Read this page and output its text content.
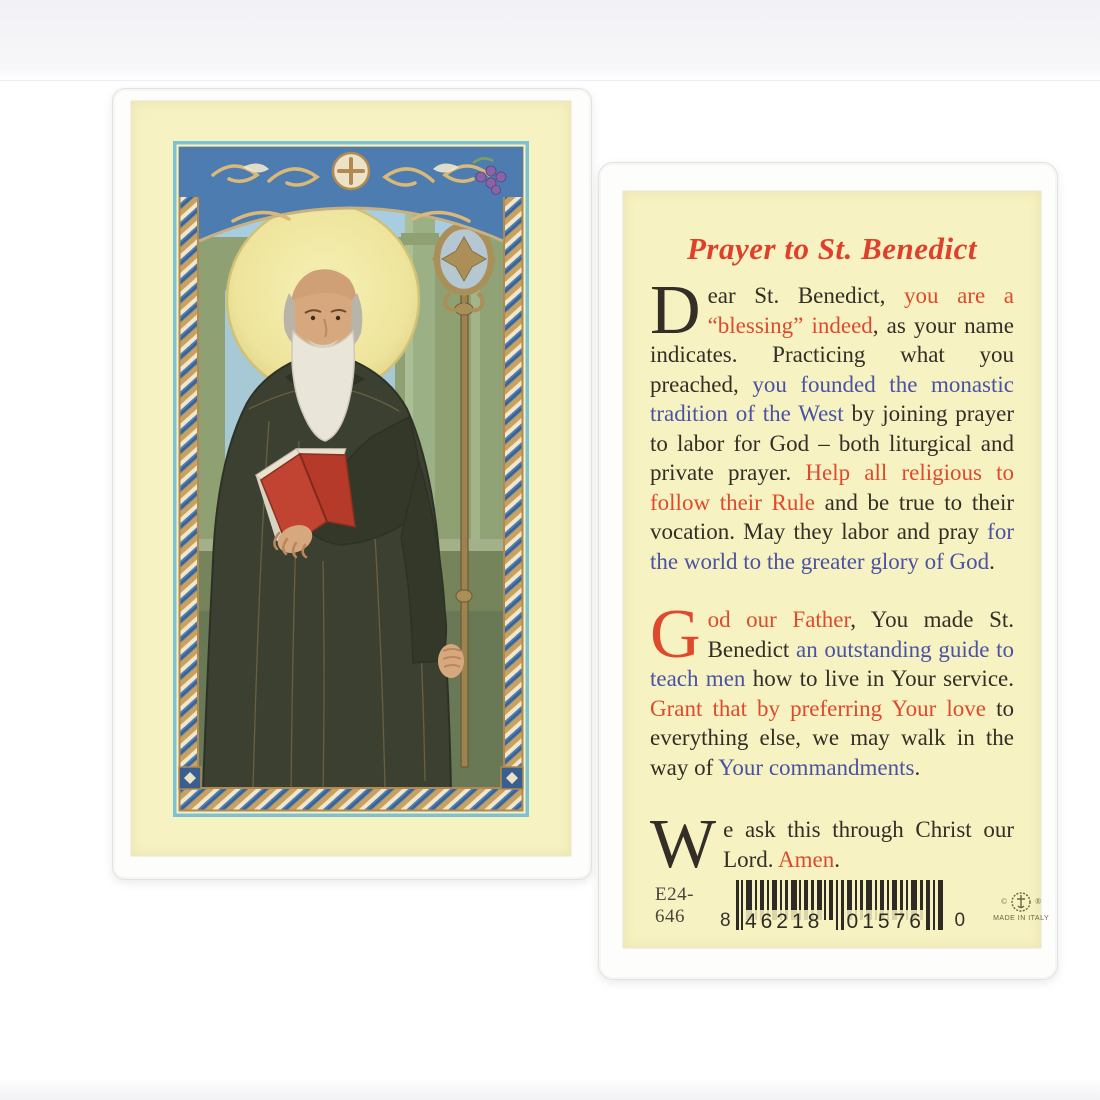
Prayer to St. Benedict

Dear St. Benedict, you are a “blessing” indeed, as your name indicates. Practicing what you preached, you founded the monastic tradition of the West by joining prayer to labor for God – both liturgical and private prayer. Help all religious to follow their Rule and be true to their vocation. May they labor and pray for the world to the greater glory of God.

God our Father, You made St. Benedict an outstanding guide to teach men how to live in Your service. Grant that by preferring Your love to everything else, we may walk in the way of Your commandments.

We ask this through Christ our Lord. Amen.

E24-646	8 46218 01576 0
©	®
MADE IN ITALY
